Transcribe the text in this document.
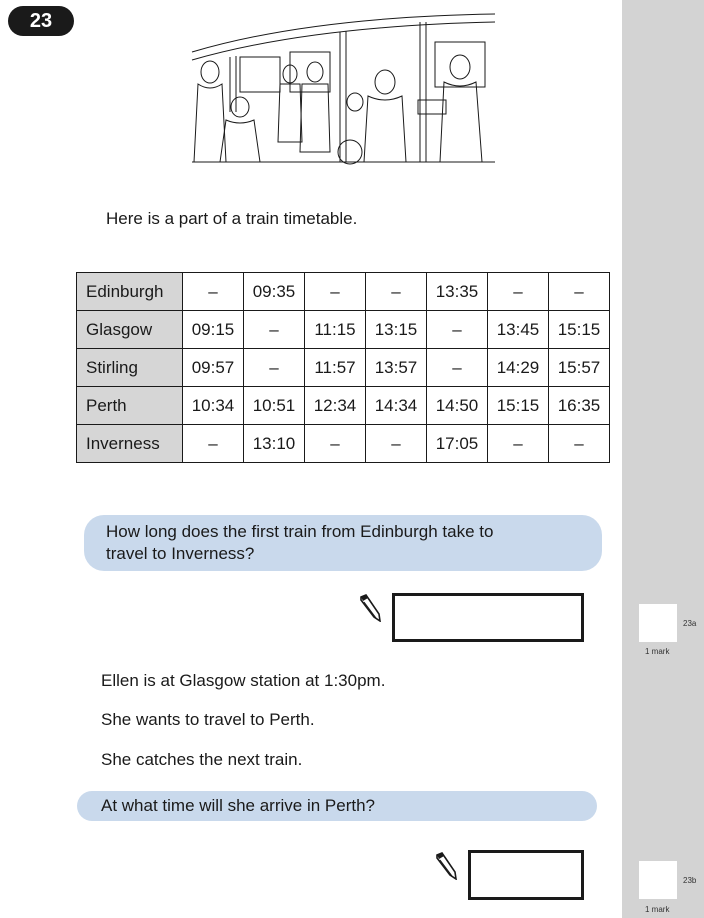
23
Here is a part of a train timetable.
Edinburgh	–	09:35	–	–	13:35	–	–
Glasgow	09:15	–	11:15	13:15	–	13:45	15:15
Stirling	09:57	–	11:57	13:57	–	14:29	15:57
Perth	10:34	10:51	12:34	14:34	14:50	15:15	16:35
Inverness	–	13:10	–	–	17:05	–	–
How long does the first train from Edinburgh take to
travel to Inverness?
23a
1 mark
Ellen is at Glasgow station at 1:30pm.
She wants to travel to Perth.
She catches the next train.
At what time will she arrive in Perth?
23b
1 mark
